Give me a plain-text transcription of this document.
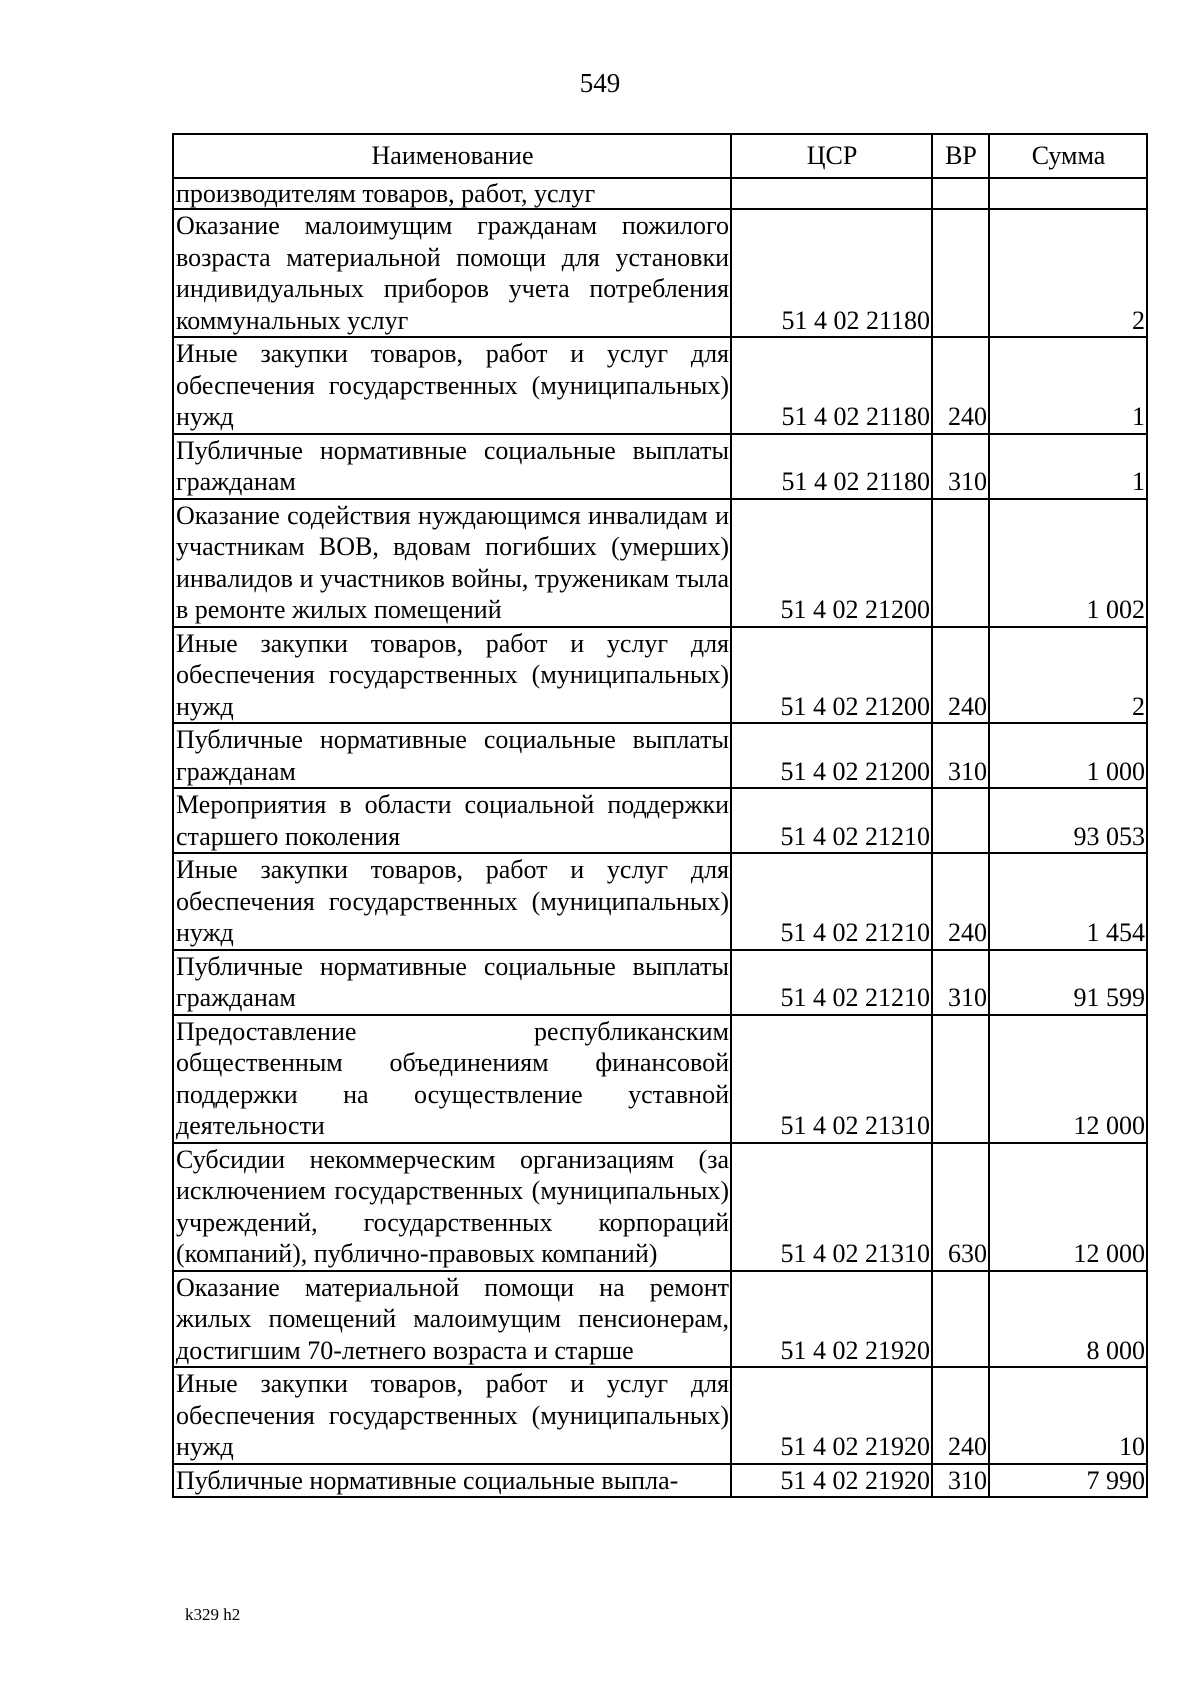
549
Наименование	ЦСР	ВР	Сумма
производителям товаров, работ, услуг			
Оказание малоимущим гражданам пожилого возраста материальной помощи для установки индивидуальных приборов учета потребления коммунальных услуг	51 4 02 21180		2
Иные закупки товаров, работ и услуг для обеспечения государственных (муниципальных) нужд	51 4 02 21180	240	1
Публичные нормативные социальные выплаты гражданам	51 4 02 21180	310	1
Оказание содействия нуждающимся инвалидам и участникам ВОВ, вдовам погибших (умерших) инвалидов и участников войны, труженикам тыла в ремонте жилых помещений	51 4 02 21200		1 002
Иные закупки товаров, работ и услуг для обеспечения государственных (муниципальных) нужд	51 4 02 21200	240	2
Публичные нормативные социальные выплаты гражданам	51 4 02 21200	310	1 000
Мероприятия в области социальной поддержки старшего поколения	51 4 02 21210		93 053
Иные закупки товаров, работ и услуг для обеспечения государственных (муниципальных) нужд	51 4 02 21210	240	1 454
Публичные нормативные социальные выплаты гражданам	51 4 02 21210	310	91 599
Предоставление республиканским общественным объединениям финансовой поддержки на осуществление уставной деятельности	51 4 02 21310		12 000
Субсидии некоммерческим организациям (за исключением государственных (муниципальных) учреждений, государственных корпораций (компаний), публично-правовых компаний)	51 4 02 21310	630	12 000
Оказание материальной помощи на ремонт жилых помещений малоимущим пенсионерам, достигшим 70-летнего возраста и старше	51 4 02 21920		8 000
Иные закупки товаров, работ и услуг для обеспечения государственных (муниципальных) нужд	51 4 02 21920	240	10
Публичные нормативные социальные выпла-	51 4 02 21920	310	7 990
k329 h2
